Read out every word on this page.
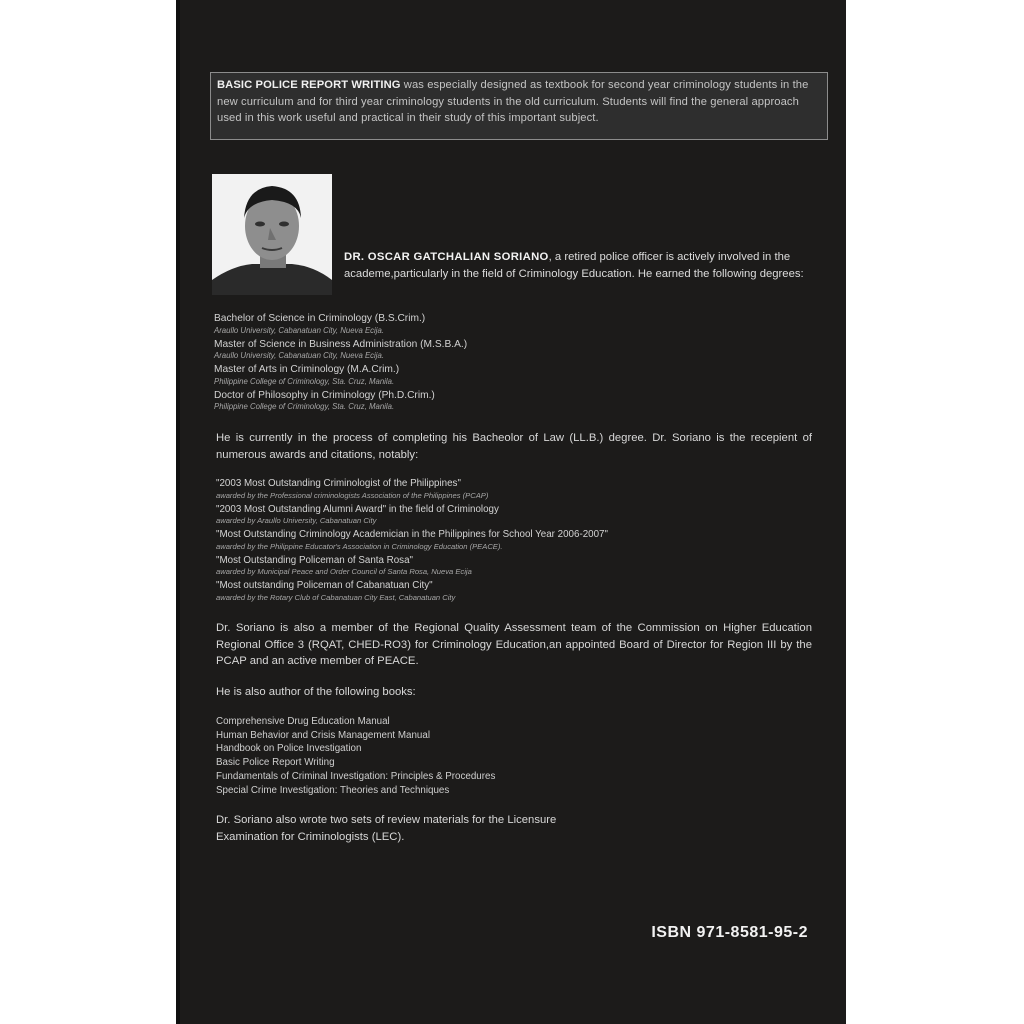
BASIC POLICE REPORT WRITING was especially designed as textbook for second year criminology students in the new curriculum and for third year criminology students in the old curriculum. Students will find the general approach used in this work useful and practical in their study of this important subject.
DR. OSCAR GATCHALIAN SORIANO, a retired police officer is actively involved in the academe,particularly in the field of Criminology Education. He earned the following degrees:

Bachelor of Science in Criminology (B.S.Crim.)

Araullo University, Cabanatuan City, Nueva Ecija.

Master of Science in Business Administration (M.S.B.A.)

Araullo University, Cabanatuan City, Nueva Ecija.

Master of Arts in Criminology (M.A.Crim.)

Philippine College of Criminology, Sta. Cruz, Manila.

Doctor of Philosophy in Criminology (Ph.D.Crim.)

Philippine College of Criminology, Sta. Cruz, Manila.

He is currently in the process of completing his Bacheolor of Law (LL.B.) degree. Dr. Soriano is the recepient of numerous awards and citations, notably:

"2003 Most Outstanding Criminologist of the Philippines"

awarded by the Professional criminologists Association of the Philippines (PCAP)

"2003 Most Outstanding Alumni Award" in the field of Criminology

awarded by Araullo University, Cabanatuan City

"Most Outstanding Criminology Academician in the Philippines for School Year 2006-2007"

awarded by the Philippine Educator's Association in Criminology Education (PEACE).

"Most Outstanding Policeman of Santa Rosa"

awarded by Municipal Peace and Order Council of Santa Rosa, Nueva Ecija

"Most outstanding Policeman of Cabanatuan City"

awarded by the Rotary Club of Cabanatuan City East, Cabanatuan City

Dr. Soriano is also a member of the Regional Quality Assessment team of the Commission on Higher Education Regional Office 3 (RQAT, CHED-RO3) for Criminology Education,an appointed Board of Director for Region III by the PCAP and an active member of PEACE.
He is also author of the following books:

Comprehensive Drug Education Manual

Human Behavior and Crisis Management Manual

Handbook on Police Investigation

Basic Police Report Writing

Fundamentals of Criminal Investigation: Principles & Procedures

Special Crime Investigation: Theories and Techniques

Dr. Soriano also wrote two sets of review materials for the Licensure Examination for Criminologists (LEC).
ISBN 971-8581-95-2
